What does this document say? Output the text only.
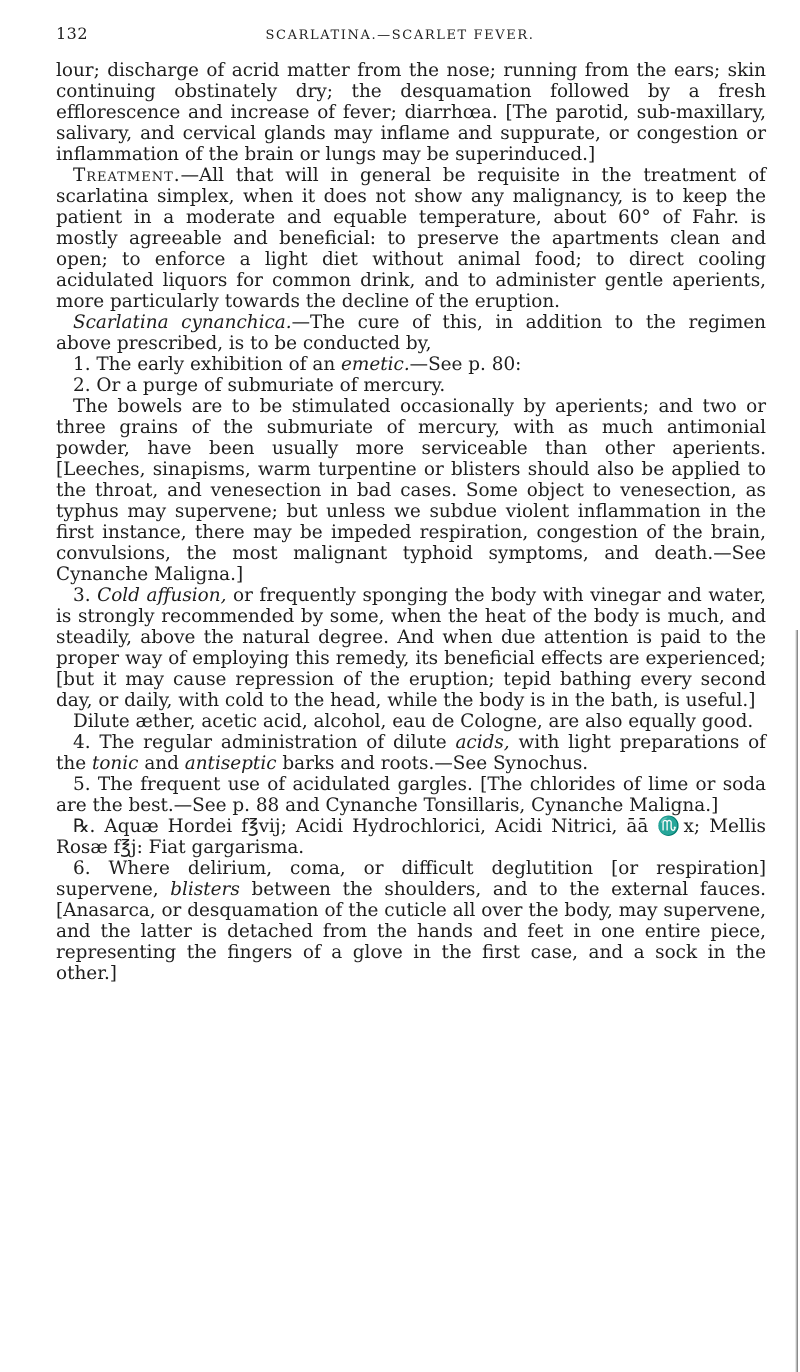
132	SCARLATINA.—SCARLET FEVER.

lour; discharge of acrid matter from the nose; running from the ears; skin continuing obstinately dry; the desquamation followed by a fresh efflorescence and increase of fever; diarrhœa. [The parotid, sub-maxillary, salivary, and cervical glands may inflame and suppurate, or congestion or inflammation of the brain or lungs may be superinduced.]

Treatment.—All that will in general be requisite in the treatment of scarlatina simplex, when it does not show any malignancy, is to keep the patient in a moderate and equable temperature, about 60° of Fahr. is mostly agreeable and beneficial: to preserve the apartments clean and open; to enforce a light diet without animal food; to direct cooling acidulated liquors for common drink, and to administer gentle aperients, more particularly towards the decline of the eruption.

Scarlatina cynanchica.—The cure of this, in addition to the regimen above prescribed, is to be conducted by,

1. The early exhibition of an emetic.—See p. 80:

2. Or a purge of submuriate of mercury.

The bowels are to be stimulated occasionally by aperients; and two or three grains of the submuriate of mercury, with as much antimonial powder, have been usually more serviceable than other aperients. [Leeches, sinapisms, warm turpentine or blisters should also be applied to the throat, and venesection in bad cases. Some object to venesection, as typhus may supervene; but unless we subdue violent inflammation in the first instance, there may be impeded respiration, congestion of the brain, convulsions, the most malignant typhoid symptoms, and death.—See Cynanche Maligna.]

3. Cold affusion, or frequently sponging the body with vinegar and water, is strongly recommended by some, when the heat of the body is much, and steadily, above the natural degree. And when due attention is paid to the proper way of employing this remedy, its beneficial effects are experienced; [but it may cause repression of the eruption; tepid bathing every second day, or daily, with cold to the head, while the body is in the bath, is useful.]

Dilute æther, acetic acid, alcohol, eau de Cologne, are also equally good.

4. The regular administration of dilute acids, with light preparations of the tonic and antiseptic barks and roots.—See Synochus.

5. The frequent use of acidulated gargles. [The chlorides of lime or soda are the best.—See p. 88 and Cynanche Tonsillaris, Cynanche Maligna.]

℞. Aquæ Hordei f℥vij; Acidi Hydrochlorici, Acidi Nitrici, āā ♏x; Mellis Rosæ f℥j: Fiat gargarisma.

6. Where delirium, coma, or difficult deglutition [or respiration] supervene, blisters between the shoulders, and to the external fauces. [Anasarca, or desquamation of the cuticle all over the body, may supervene, and the latter is detached from the hands and feet in one entire piece, representing the fingers of a glove in the first case, and a sock in the other.]
